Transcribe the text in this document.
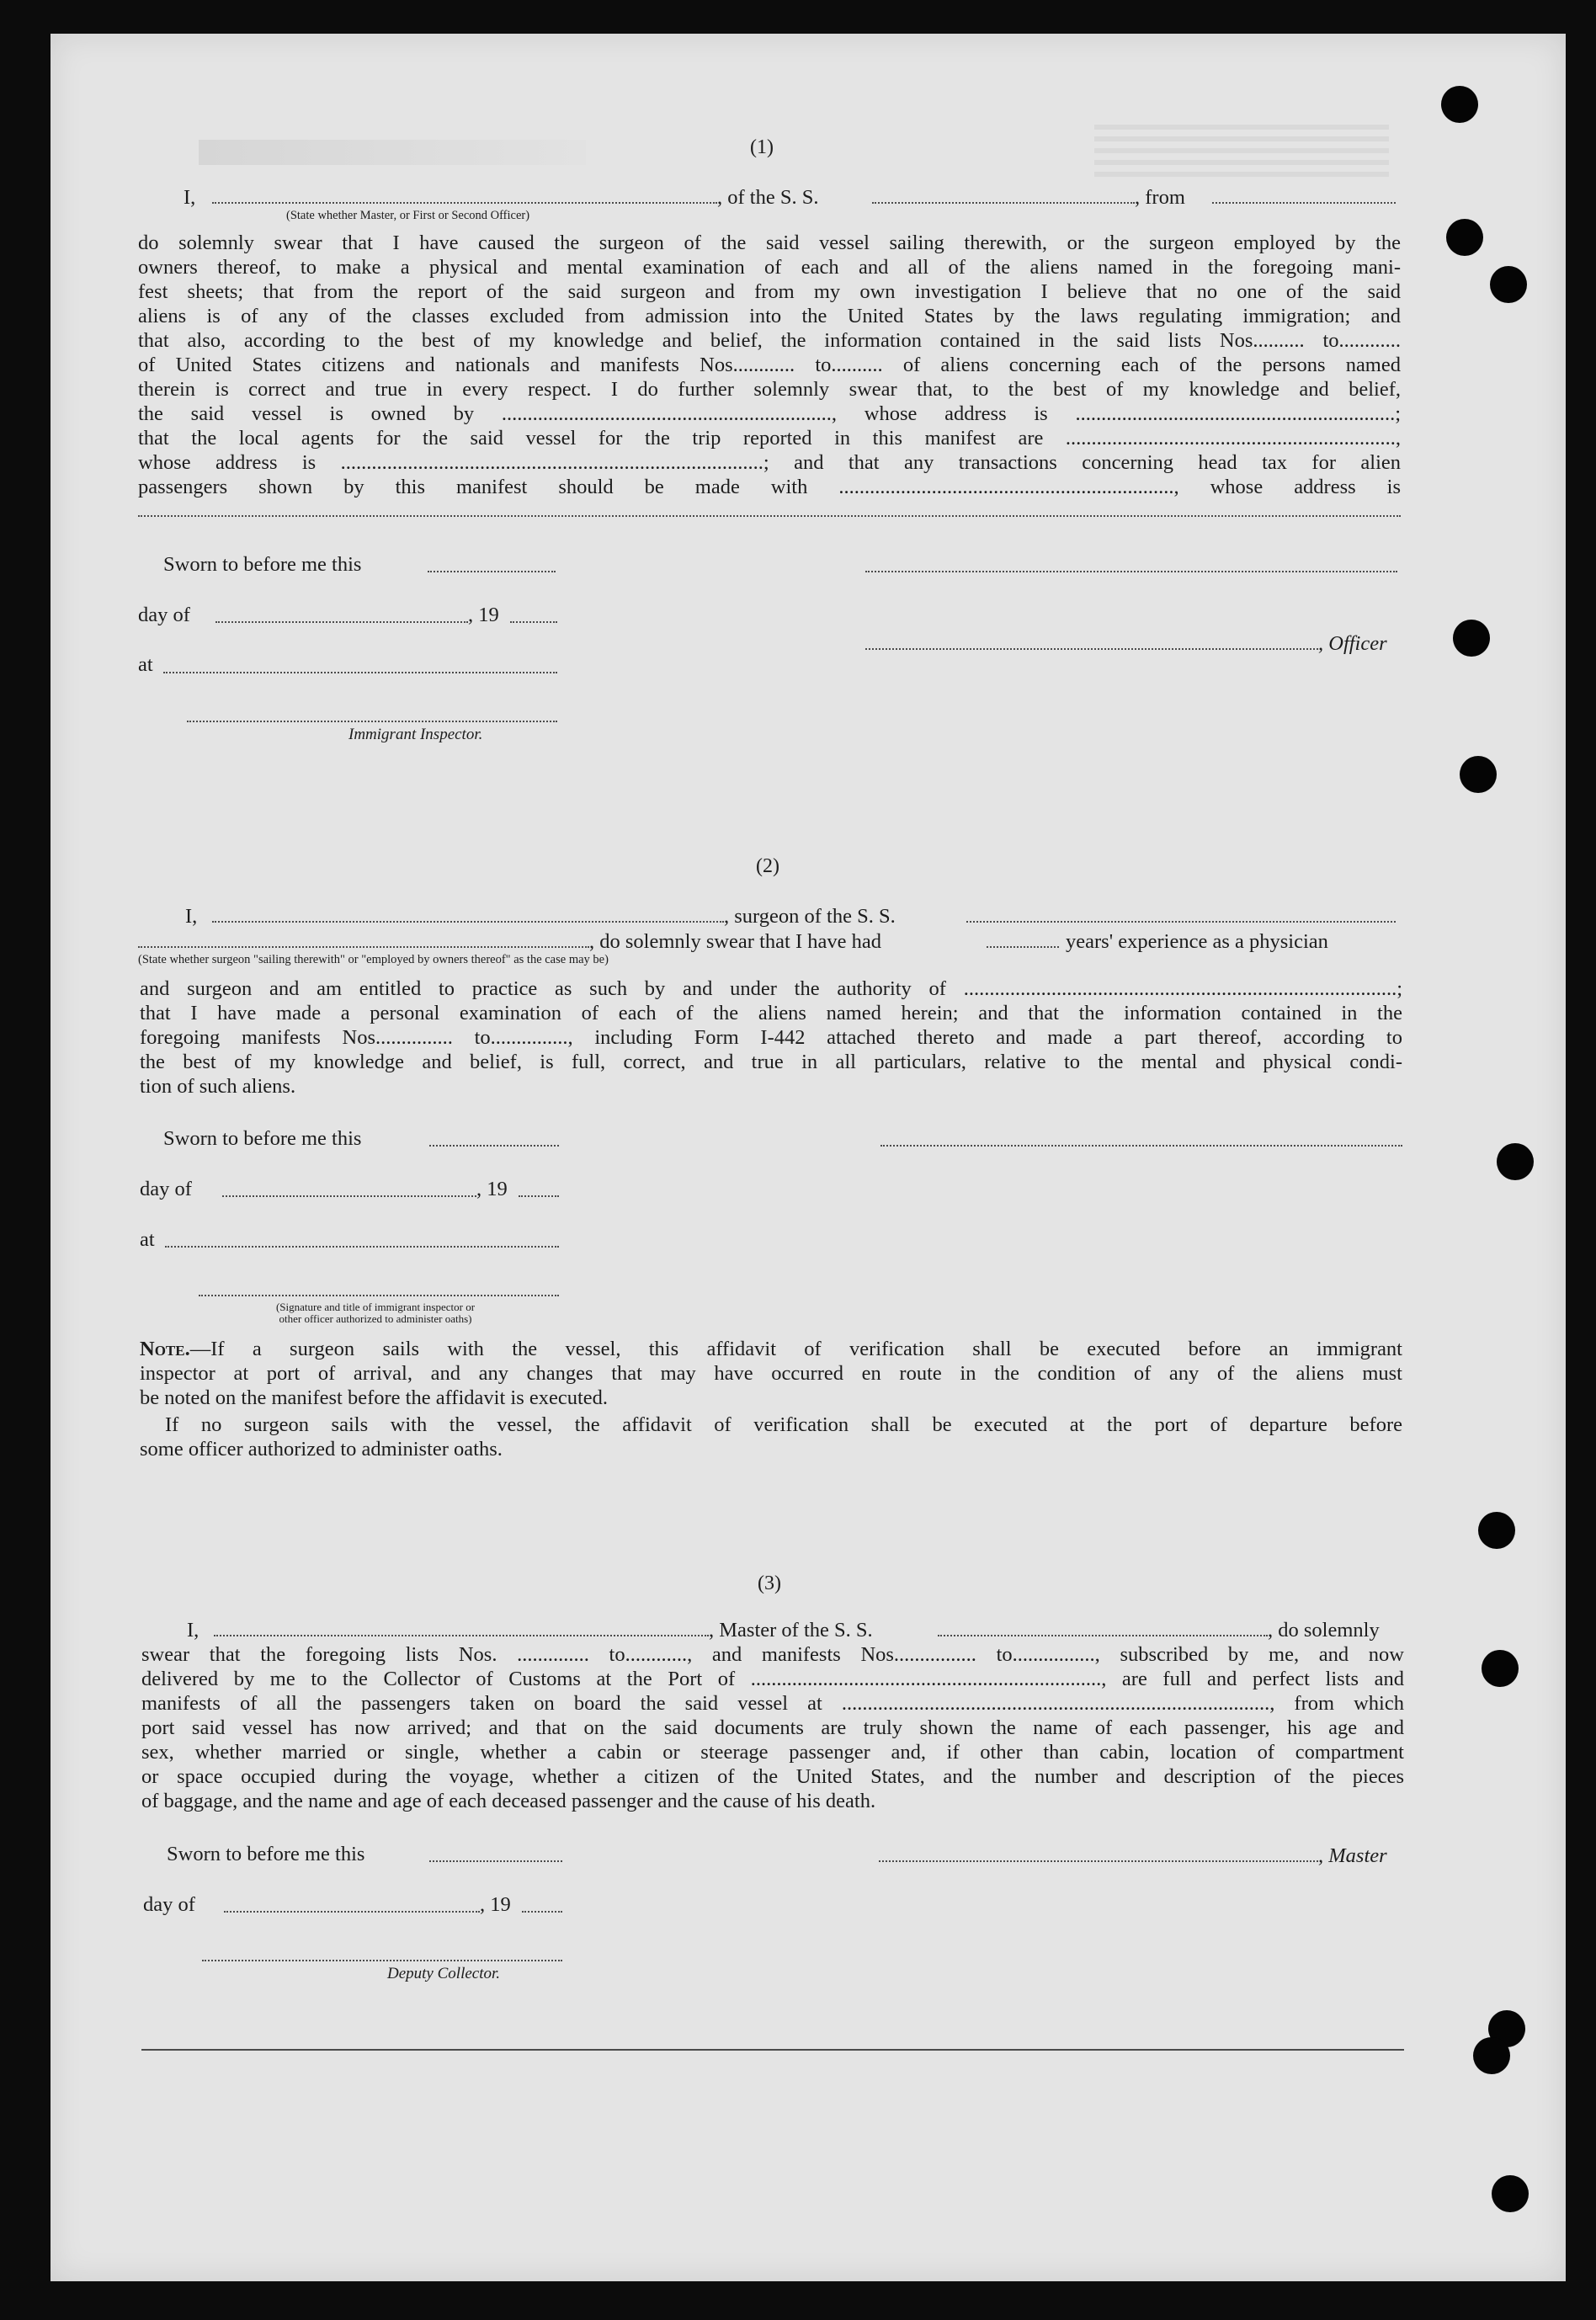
(1)
I,	, of the S. S.	, from
(State whether Master, or First or Second Officer)
do solemnly swear that I have caused the surgeon of the said vessel sailing therewith, or the surgeon employed by the
owners thereof, to make a physical and mental examination of each and all of the aliens named in the foregoing mani-
fest sheets; that from the report of the said surgeon and from my own investigation I believe that no one of the said
aliens is of any of the classes excluded from admission into the United States by the laws regulating immigration; and
that also, according to the best of my knowledge and belief, the information contained in the said lists Nos.......... to............
of United States citizens and nationals and manifests Nos............ to.......... of aliens concerning each of the persons named
therein is correct and true in every respect. I do further solemnly swear that, to the best of my knowledge and belief,
the said vessel is owned by ................................................................, whose address is ..............................................................;
that the local agents for the said vessel for the trip reported in this manifest are ................................................................,
whose address is ..................................................................................; and that any transactions concerning head tax for alien
passengers shown by this manifest should be made with ................................................................., whose address is
Sworn to before me this
day of	, 19
, Officer
at
Immigrant Inspector.
(2)
I,	, surgeon of the S. S.
, do solemnly swear that I have had	years' experience as a physician
(State whether surgeon "sailing therewith" or "employed by owners thereof" as the case may be)
and surgeon and am entitled to practice as such by and under the authority of ....................................................................................;
that I have made a personal examination of each of the aliens named herein; and that the information contained in the
foregoing manifests Nos............... to..............., including Form I-442 attached thereto and made a part thereof, according to
the best of my knowledge and belief, is full, correct, and true in all particulars, relative to the mental and physical condi-
tion of such aliens.
Sworn to before me this
day of	, 19
at
(Signature and title of immigrant inspector or
other officer authorized to administer oaths)
Note.—If a surgeon sails with the vessel, this affidavit of verification shall be executed before an immigrant
inspector at port of arrival, and any changes that may have occurred en route in the condition of any of the aliens must
be noted on the manifest before the affidavit is executed.
If no surgeon sails with the vessel, the affidavit of verification shall be executed at the port of departure before
some officer authorized to administer oaths.
(3)
I,	, Master of the S. S.	, do solemnly
swear that the foregoing lists Nos. .............. to............, and manifests Nos................ to................, subscribed by me, and now
delivered by me to the Collector of Customs at the Port of ...................................................................., are full and perfect lists and
manifests of all the passengers taken on board the said vessel at ..................................................................................., from which
port said vessel has now arrived; and that on the said documents are truly shown the name of each passenger, his age and
sex, whether married or single, whether a cabin or steerage passenger and, if other than cabin, location of compartment
or space occupied during the voyage, whether a citizen of the United States, and the number and description of the pieces
of baggage, and the name and age of each deceased passenger and the cause of his death.
Sworn to before me this	, Master
day of	, 19
Deputy Collector.
